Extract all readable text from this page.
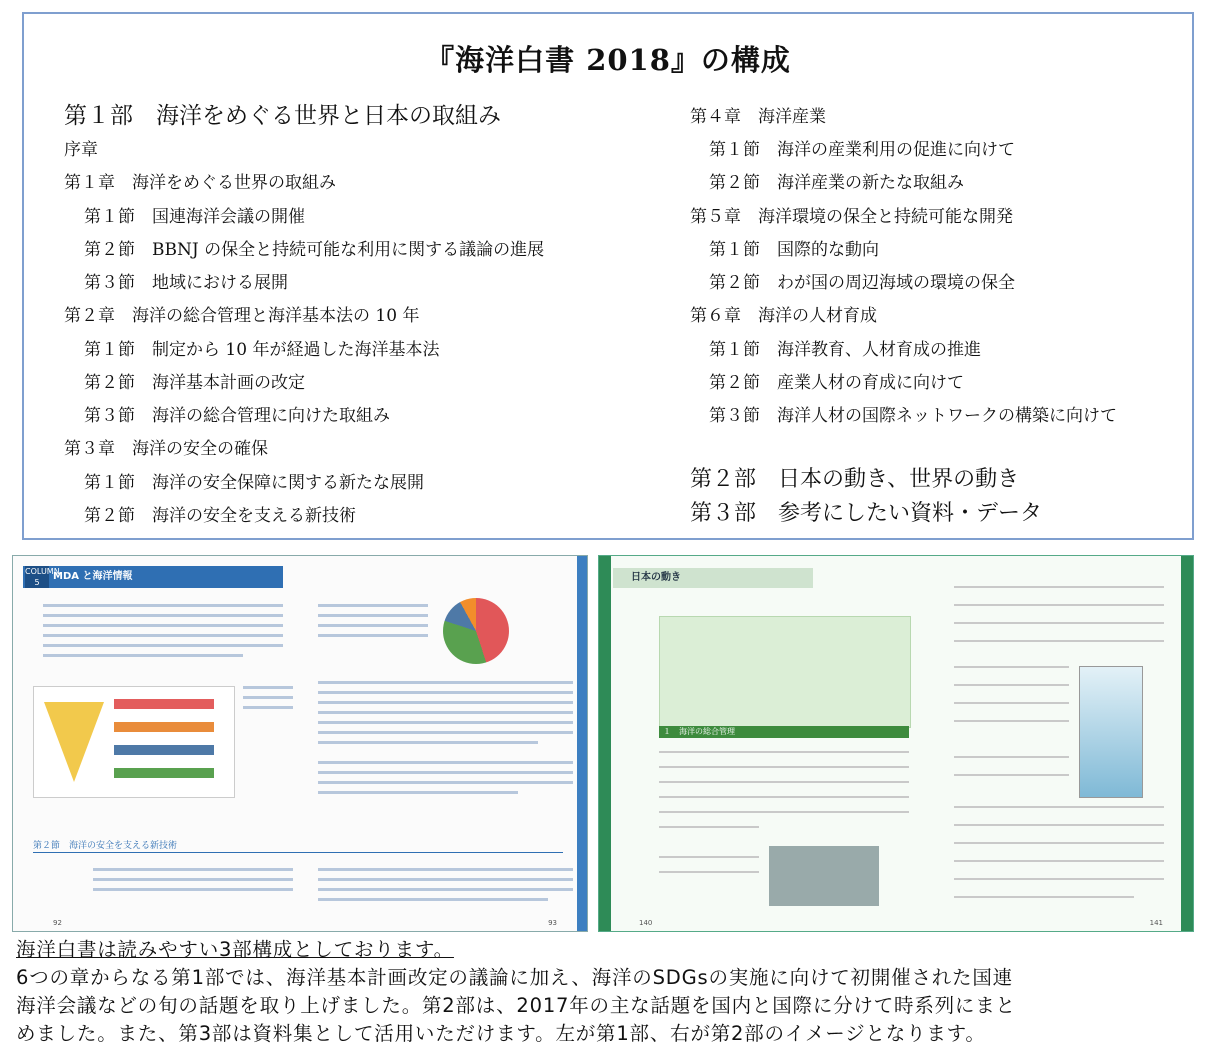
『海洋白書 2018』の構成
第１部　海洋をめぐる世界と日本の取組み
序章
第１章　海洋をめぐる世界の取組み
第１節　国連海洋会議の開催
第２節　BBNJ の保全と持続可能な利用に関する議論の進展
第３節　地域における展開
第２章　海洋の総合管理と海洋基本法の 10 年
第１節　制定から 10 年が経過した海洋基本法
第２節　海洋基本計画の改定
第３節　海洋の総合管理に向けた取組み
第３章　海洋の安全の確保
第１節　海洋の安全保障に関する新たな展開
第２節　海洋の安全を支える新技術
第４章　海洋産業
第１節　海洋の産業利用の促進に向けて
第２節　海洋産業の新たな取組み
第５章　海洋環境の保全と持続可能な開発
第１節　国際的な動向
第２節　わが国の周辺海域の環境の保全
第６章　海洋の人材育成
第１節　海洋教育、人材育成の推進
第２節　産業人材の育成に向けて
第３節　海洋人材の国際ネットワークの構築に向けて
第２部　日本の動き、世界の動き
第３部　参考にしたい資料・データ
MDA と海洋情報
COLUMN 5
第２節　海洋の安全を支える新技術
92	93
日本の動き
１　海洋の総合管理
140	141

海洋白書は読みやすい3部構成としております。

6つの章からなる第1部では、海洋基本計画改定の議論に加え、海洋のSDGsの実施に向けて初開催された国連

海洋会議などの旬の話題を取り上げました。第2部は、2017年の主な話題を国内と国際に分けて時系列にまと

めました。また、第3部は資料集として活用いただけます。左が第1部、右が第2部のイメージとなります。
